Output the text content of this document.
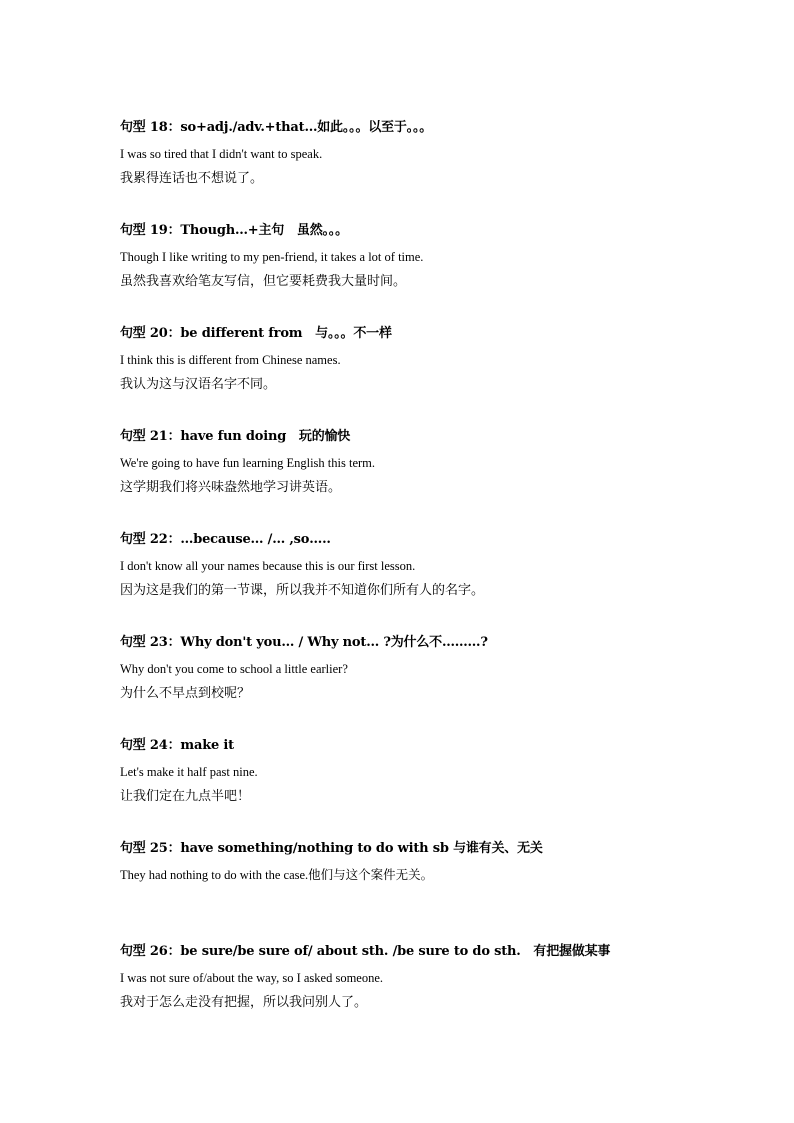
句型 18：so+adj./adv.+that…如此。。。以至于。。。
I was so tired that I didn't want to speak.
我累得连话也不想说了。
句型 19：Though…+主句　虽然。。。
Though I like writing to my pen-friend, it takes a lot of time.
虽然我喜欢给笔友写信，但它要耗费我大量时间。
句型 20：be different from　与。。。不一样
I think this is different from Chinese names.
我认为这与汉语名字不同。
句型 21：have fun doing　玩的愉快
We're going to have fun learning English this term.
这学期我们将兴味盎然地学习讲英语。
句型 22：…because… /… ,so…..
I don't know all your names because this is our first lesson.
因为这是我们的第一节课，所以我并不知道你们所有人的名字。
句型 23：Why don't you… / Why not… ?为什么不………?
Why don't you come to school a little earlier?
为什么不早点到校呢？
句型 24：make it
Let's make it half past nine.
让我们定在九点半吧！
句型 25：have something/nothing to do with sb 与谁有关、无关
They had nothing to do with the case.他们与这个案件无关。
句型 26：be sure/be sure of/ about sth. /be sure to do sth.　有把握做某事
I was not sure of/about the way, so I asked someone.
我对于怎么走没有把握，所以我问别人了。
